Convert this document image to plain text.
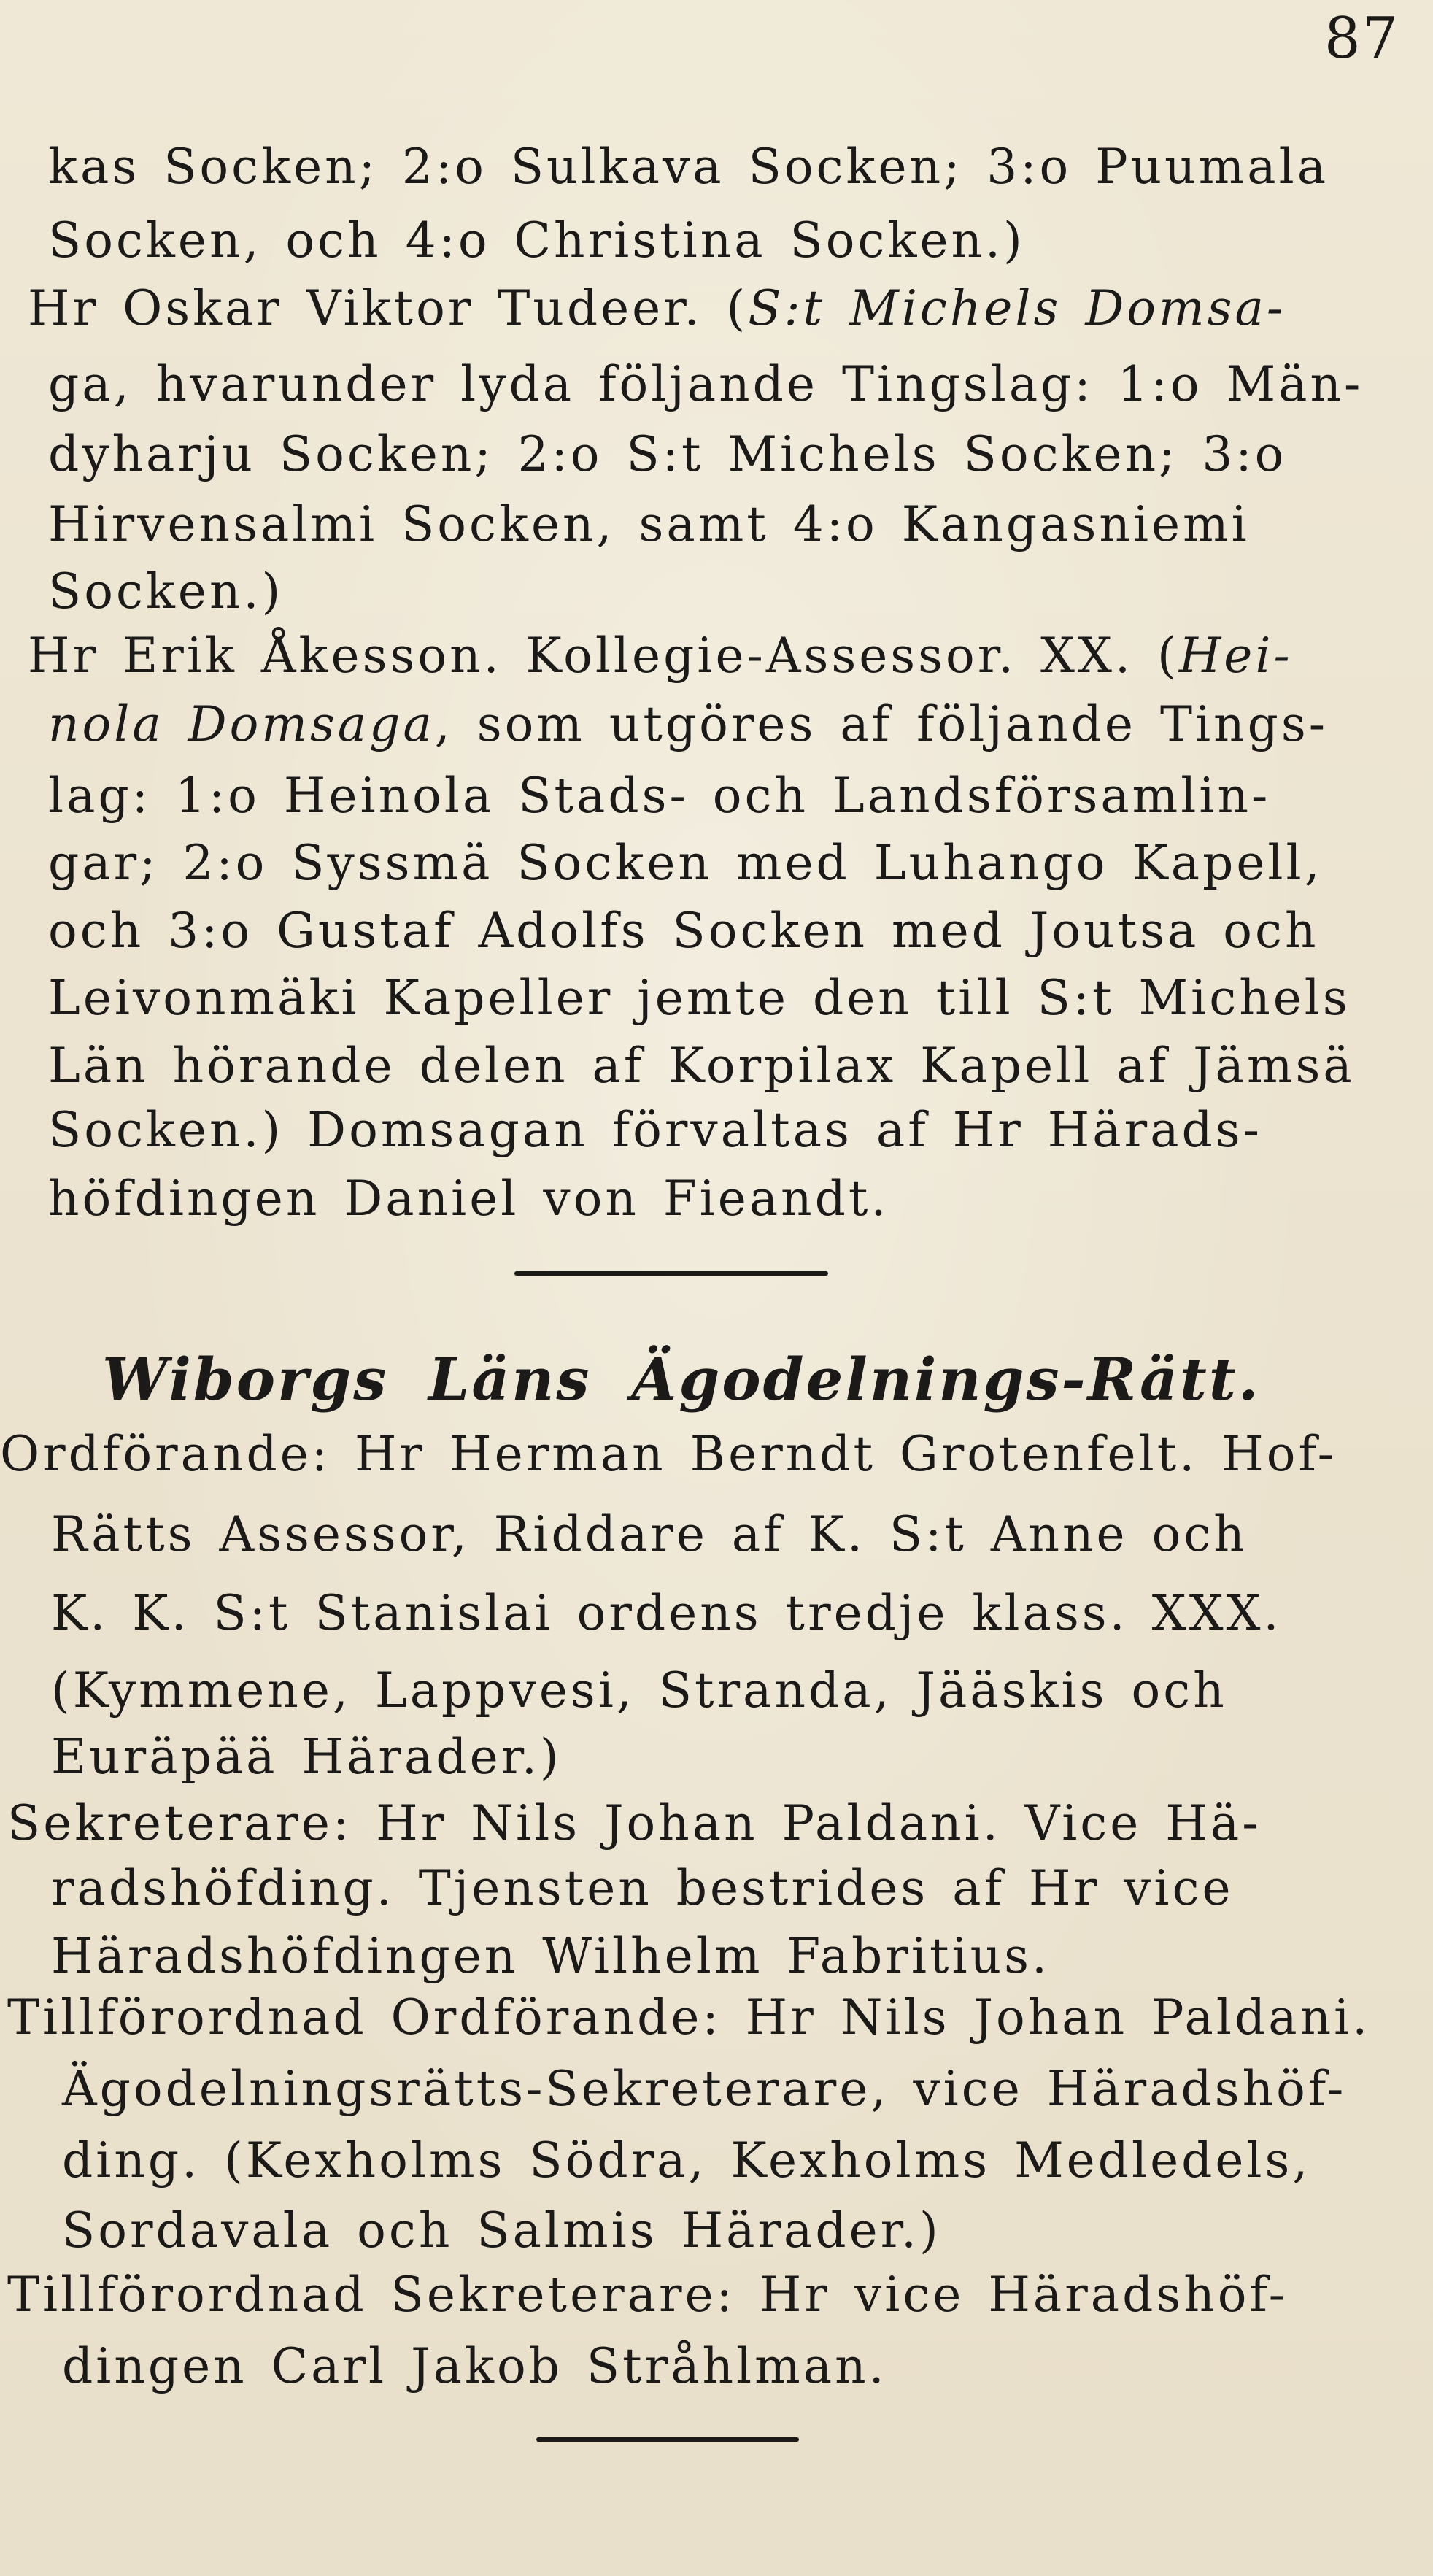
87
kas Socken; 2:o Sulkava Socken; 3:o Puumala
Socken, och 4:o Christina Socken.)
Hr Oskar Viktor Tudeer. (S:t Michels Domsa-
ga, hvarunder lyda följande Tingslag: 1:o Män-
dyharju Socken; 2:o S:t Michels Socken; 3:o
Hirvensalmi Socken, samt 4:o Kangasniemi
Socken.)
Hr Erik Åkesson. Kollegie-Assessor. XX. (Hei-
nola Domsaga, som utgöres af följande Tings-
lag: 1:o Heinola Stads- och Landsförsamlin-
gar; 2:o Syssmä Socken med Luhango Kapell,
och 3:o Gustaf Adolfs Socken med Joutsa och
Leivonmäki Kapeller jemte den till S:t Michels
Län hörande delen af Korpilax Kapell af Jämsä
Socken.) Domsagan förvaltas af Hr Härads-
höfdingen Daniel von Fieandt.
Wiborgs Läns Ägodelnings-Rätt.
Ordförande: Hr Herman Berndt Grotenfelt. Hof-
Rätts Assessor, Riddare af K. S:t Anne och
K. K. S:t Stanislai ordens tredje klass. XXX.
(Kymmene, Lappvesi, Stranda, Jääskis och
Euräpää Härader.)
Sekreterare: Hr Nils Johan Paldani. Vice Hä-
radshöfding. Tjensten bestrides af Hr vice
Häradshöfdingen Wilhelm Fabritius.
Tillförordnad Ordförande: Hr Nils Johan Paldani.
Ägodelningsrätts-Sekreterare, vice Häradshöf-
ding. (Kexholms Södra, Kexholms Medledels,
Sordavala och Salmis Härader.)
Tillförordnad Sekreterare: Hr vice Häradshöf-
dingen Carl Jakob Stråhlman.
